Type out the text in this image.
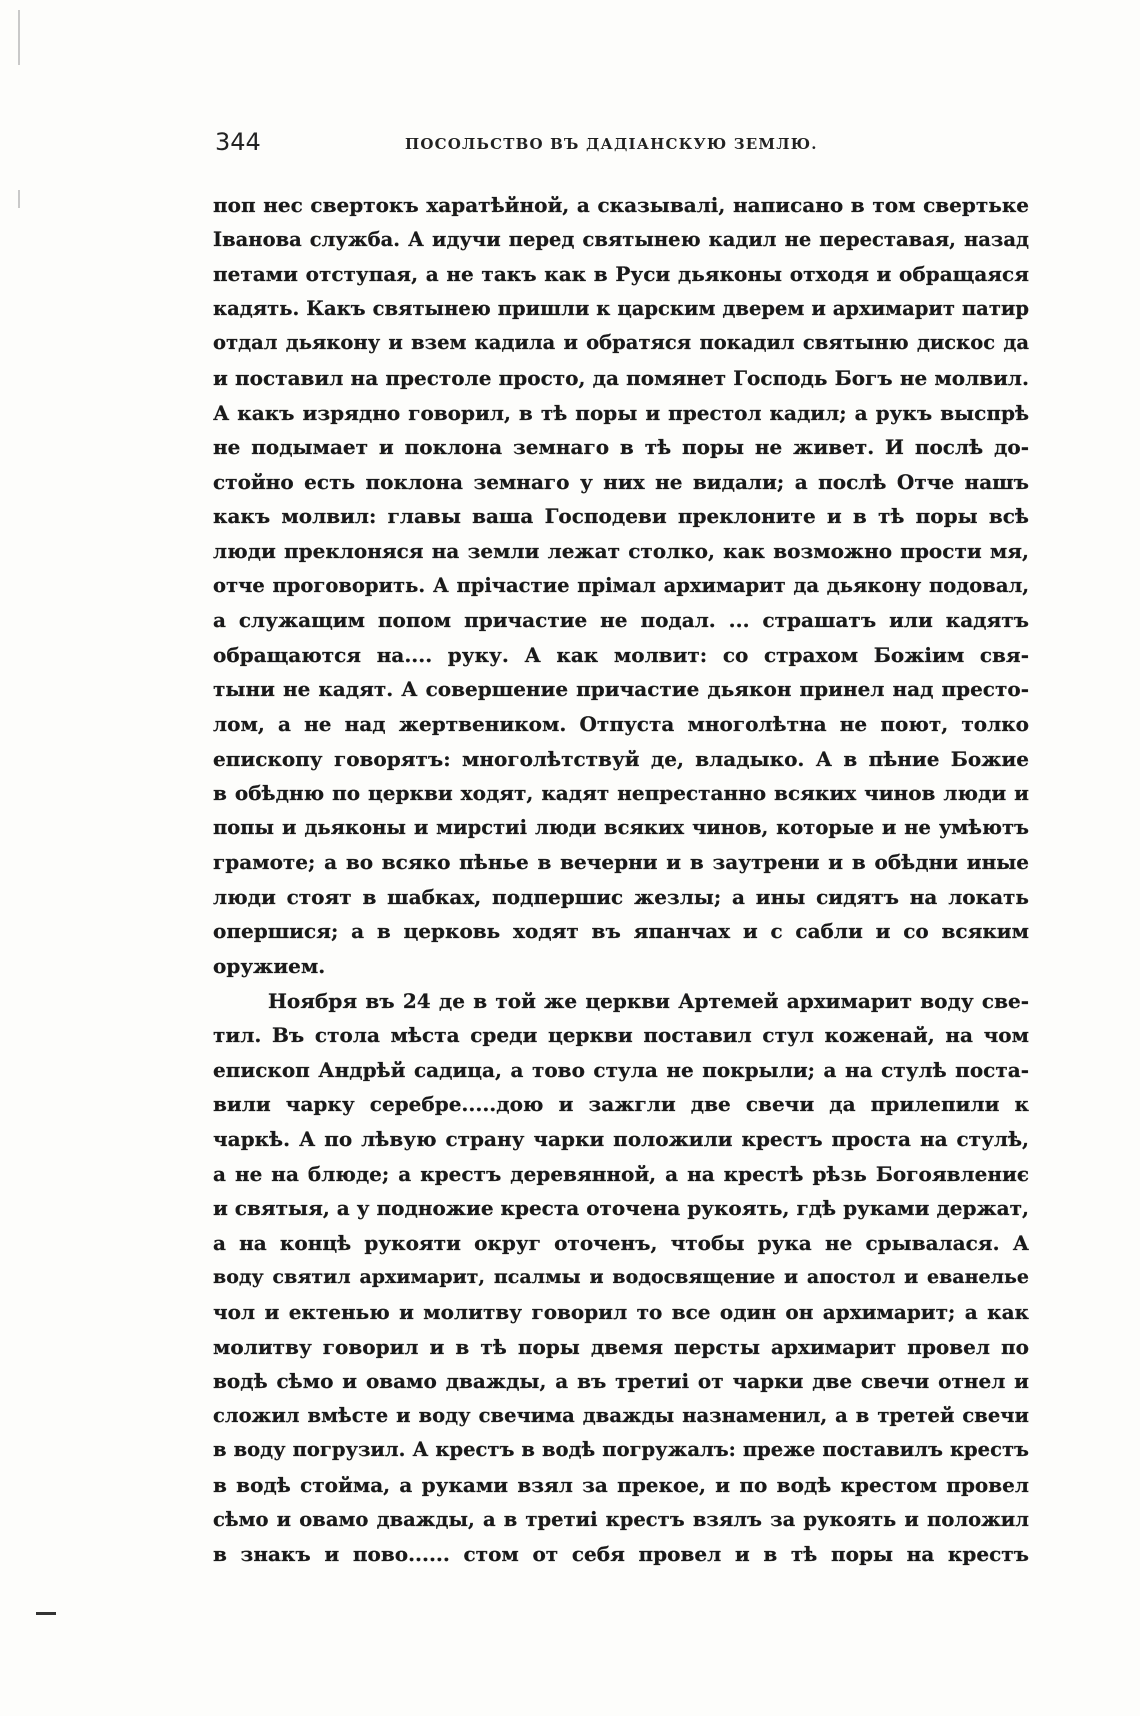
344	ПОСОЛЬСТВО ВЪ ДАДІАНСКУЮ ЗЕМЛЮ.
поп нес свертокъ харатѣйной, а сказывалі, написано в том свертьке
Іванова служба. А идучи перед святынею кадил не переставая, назад
петами отступая, а не такъ как в Руси дьяконы отходя и обращаяся
кадять. Какъ святынею пришли к царским дверем и архимарит патир
отдал дьякону и взем кадила и обратяся покадил святыню дискос да
и поставил на престоле просто, да помянет Господь Богъ не молвил.
А какъ изрядно говорил, в тѣ поры и престол кадил; а рукъ выспрѣ
не подымает и поклона земнаго в тѣ поры не живет. И послѣ до-
стойно есть поклона земнаго у них не видали; а послѣ Отче нашъ
какъ молвил: главы ваша Господеви преклоните и в тѣ поры всѣ
люди преклоняся на земли лежат столко, как возможно прости мя,
отче проговорить. А прічастие прімал архимарит да дьякону подовал,
а служащим попом причастие не подал. ... страшатъ или кадятъ
обращаются на.... руку. А как молвит: со страхом Божіим свя-
тыни не кадят. А совершение причастие дьякон принел над престо-
лом, а не над жертвеником. Отпуста многолѣтна не поют, толко
епископу говорятъ: многолѣтствуй де, владыко. А в пѣние Божие
в обѣдню по церкви ходят, кадят непрестанно всяких чинов люди и
попы и дьяконы и мирстиі люди всяких чинов, которые и не умѣютъ
грамоте; а во всяко пѣнье в вечерни и в заутрени и в обѣдни иные
люди стоят в шабках, подпершис жезлы; а ины сидятъ на локать
опершися; а в церковь ходят въ япанчах и с сабли и со всяким
оружием.
Ноября въ 24 де в той же церкви Артемей архимарит воду све-
тил. Въ стола мѣста среди церкви поставил стул коженай, на чом
епископ Андрѣй садица, а тово стула не покрыли; а на стулѣ поста-
вили чарку серебре.....дою и зажгли две свечи да прилепили к
чаркѣ. А по лѣвую страну чарки положили крестъ проста на стулѣ,
а не на блюде; а крестъ деревянной, а на крестѣ рѣзь Богоявлениє
и святыя, а у подножие креста оточена рукоять, гдѣ руками держат,
а на концѣ рукояти округ оточенъ, чтобы рука не срывалася. А
воду святил архимарит, псалмы и водосвящение и апостол и еванелье
чол и ектенью и молитву говорил то все один он архимарит; а как
молитву говорил и в тѣ поры двемя персты архимарит провел по
водѣ сѣмо и овамо дважды, а въ третиі от чарки две свечи отнел и
сложил вмѣсте и воду свечима дважды назнаменил, а в третей свечи
в воду погрузил. А крестъ в водѣ погружалъ: преже поставилъ крестъ
в водѣ стойма, а руками взял за прекое, и по водѣ крестом провел
сѣмо и овамо дважды, а в третиі крестъ взялъ за рукоять и положил
в знакъ и пово...... стом от себя провел и в тѣ поры на крестъ
